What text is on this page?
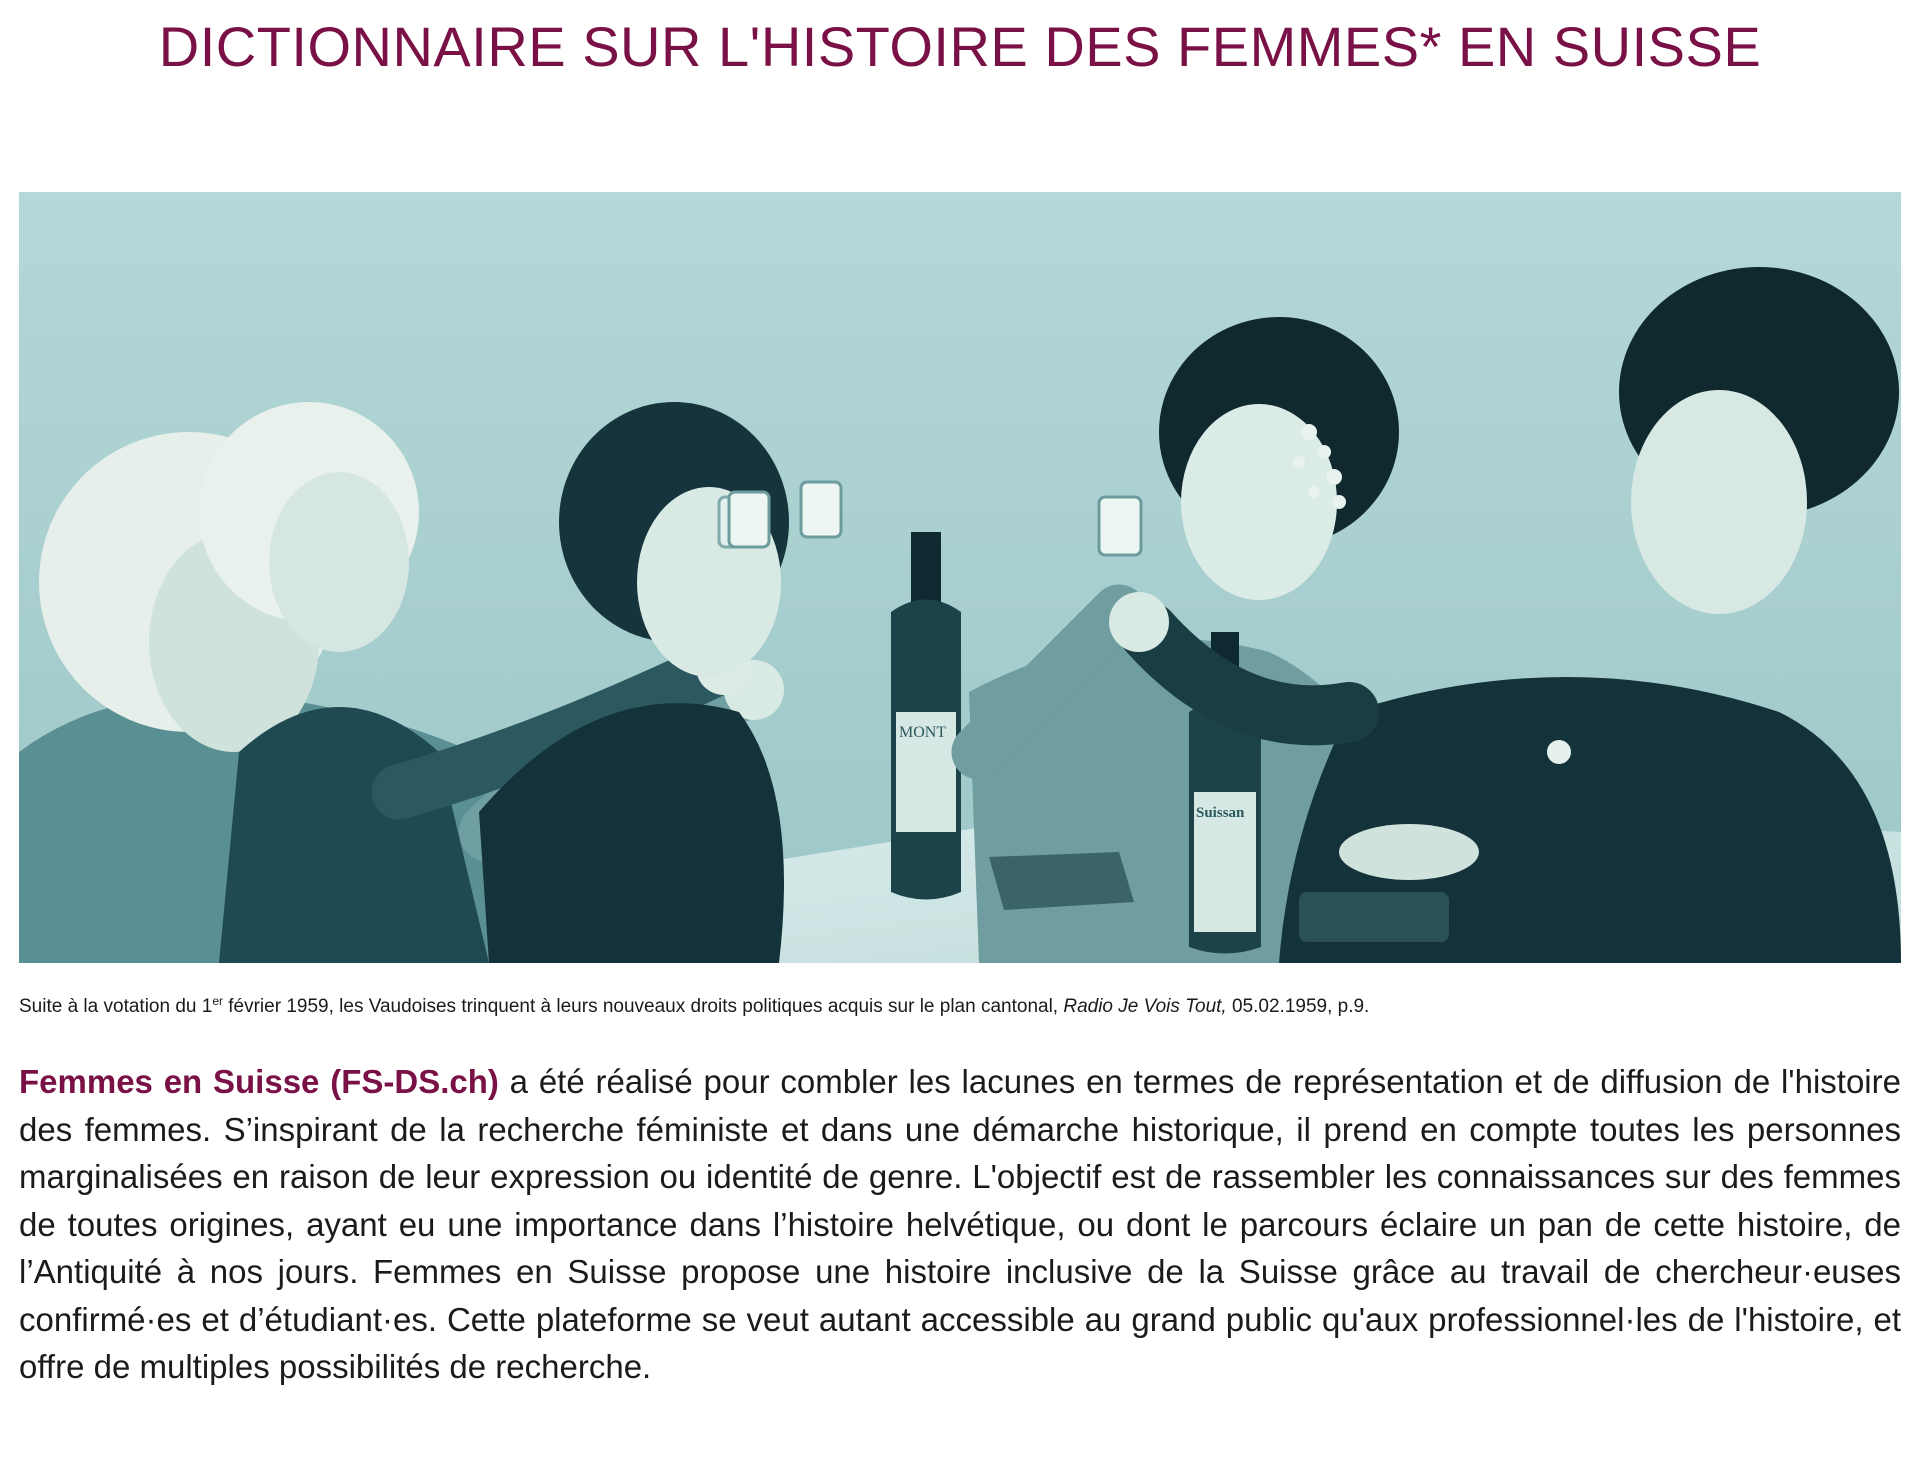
DICTIONNAIRE SUR L'HISTOIRE DES FEMMES* EN SUISSE
MONT
Suissan

Suite à la votation du 1er février 1959, les Vaudoises trinquent à leurs nouveaux droits politiques acquis sur le plan cantonal, Radio Je Vois Tout, 05.02.1959, p.9.

Femmes en Suisse (FS-DS.ch) a été réalisé pour combler les lacunes en termes de représentation et de diffusion de l'histoire des femmes. S’inspirant de la recherche féministe et dans une démarche historique, il prend en compte toutes les personnes marginalisées en raison de leur expression ou identité de genre. L'objectif est de rassembler les connaissances sur des femmes de toutes origines, ayant eu une importance dans l’histoire helvétique, ou dont le parcours éclaire un pan de cette histoire, de l’Antiquité à nos jours. Femmes en Suisse propose une histoire inclusive de la Suisse grâce au travail de chercheur·euses confirmé·es et d’étudiant·es. Cette plateforme se veut autant accessible au grand public qu'aux professionnel·les de l'histoire, et offre de multiples possibilités de recherche.
